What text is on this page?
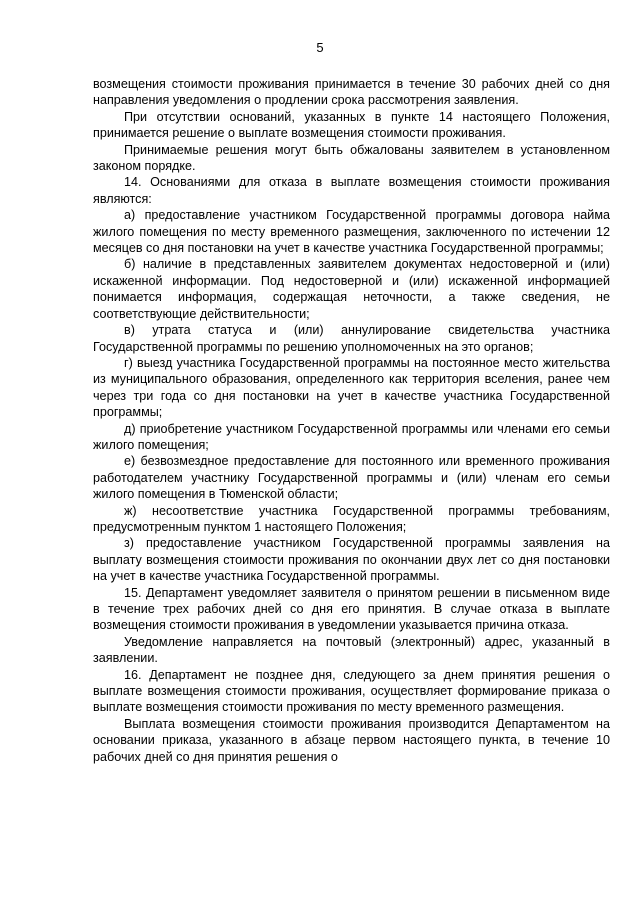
5

возмещения стоимости проживания принимается в течение 30 рабочих дней со дня направления уведомления о продлении срока рассмотрения заявления.

При отсутствии оснований, указанных в пункте 14 настоящего Положения, принимается решение о выплате возмещения стоимости проживания.

Принимаемые решения могут быть обжалованы заявителем в установленном законом порядке.

14. Основаниями для отказа в выплате возмещения стоимости проживания являются:

а) предоставление участником Государственной программы договора найма жилого помещения по месту временного размещения, заключенного по истечении 12 месяцев со дня постановки на учет в качестве участника Государственной программы;

б) наличие в представленных заявителем документах недостоверной и (или) искаженной информации. Под недостоверной и (или) искаженной информацией понимается информация, содержащая неточности, а также сведения, не соответствующие действительности;

в) утрата статуса и (или) аннулирование свидетельства участника Государственной программы по решению уполномоченных на это органов;

г) выезд участника Государственной программы на постоянное место жительства из муниципального образования, определенного как территория вселения, ранее чем через три года со дня постановки на учет в качестве участника Государственной программы;

д) приобретение участником Государственной программы или членами его семьи жилого помещения;

е) безвозмездное предоставление для постоянного или временного проживания работодателем участнику Государственной программы и (или) членам его семьи жилого помещения в Тюменской области;

ж) несоответствие участника Государственной программы требованиям, предусмотренным пунктом 1 настоящего Положения;

з) предоставление участником Государственной программы заявления на выплату возмещения стоимости проживания по окончании двух лет со дня постановки на учет в качестве участника Государственной программы.

15. Департамент уведомляет заявителя о принятом решении в письменном виде в течение трех рабочих дней со дня его принятия. В случае отказа в выплате возмещения стоимости проживания в уведомлении указывается причина отказа.

Уведомление направляется на почтовый (электронный) адрес, указанный в заявлении.

16. Департамент не позднее дня, следующего за днем принятия решения о выплате возмещения стоимости проживания, осуществляет формирование приказа о выплате возмещения стоимости проживания по месту временного размещения.

Выплата возмещения стоимости проживания производится Департаментом на основании приказа, указанного в абзаце первом настоящего пункта, в течение 10 рабочих дней со дня принятия решения о
